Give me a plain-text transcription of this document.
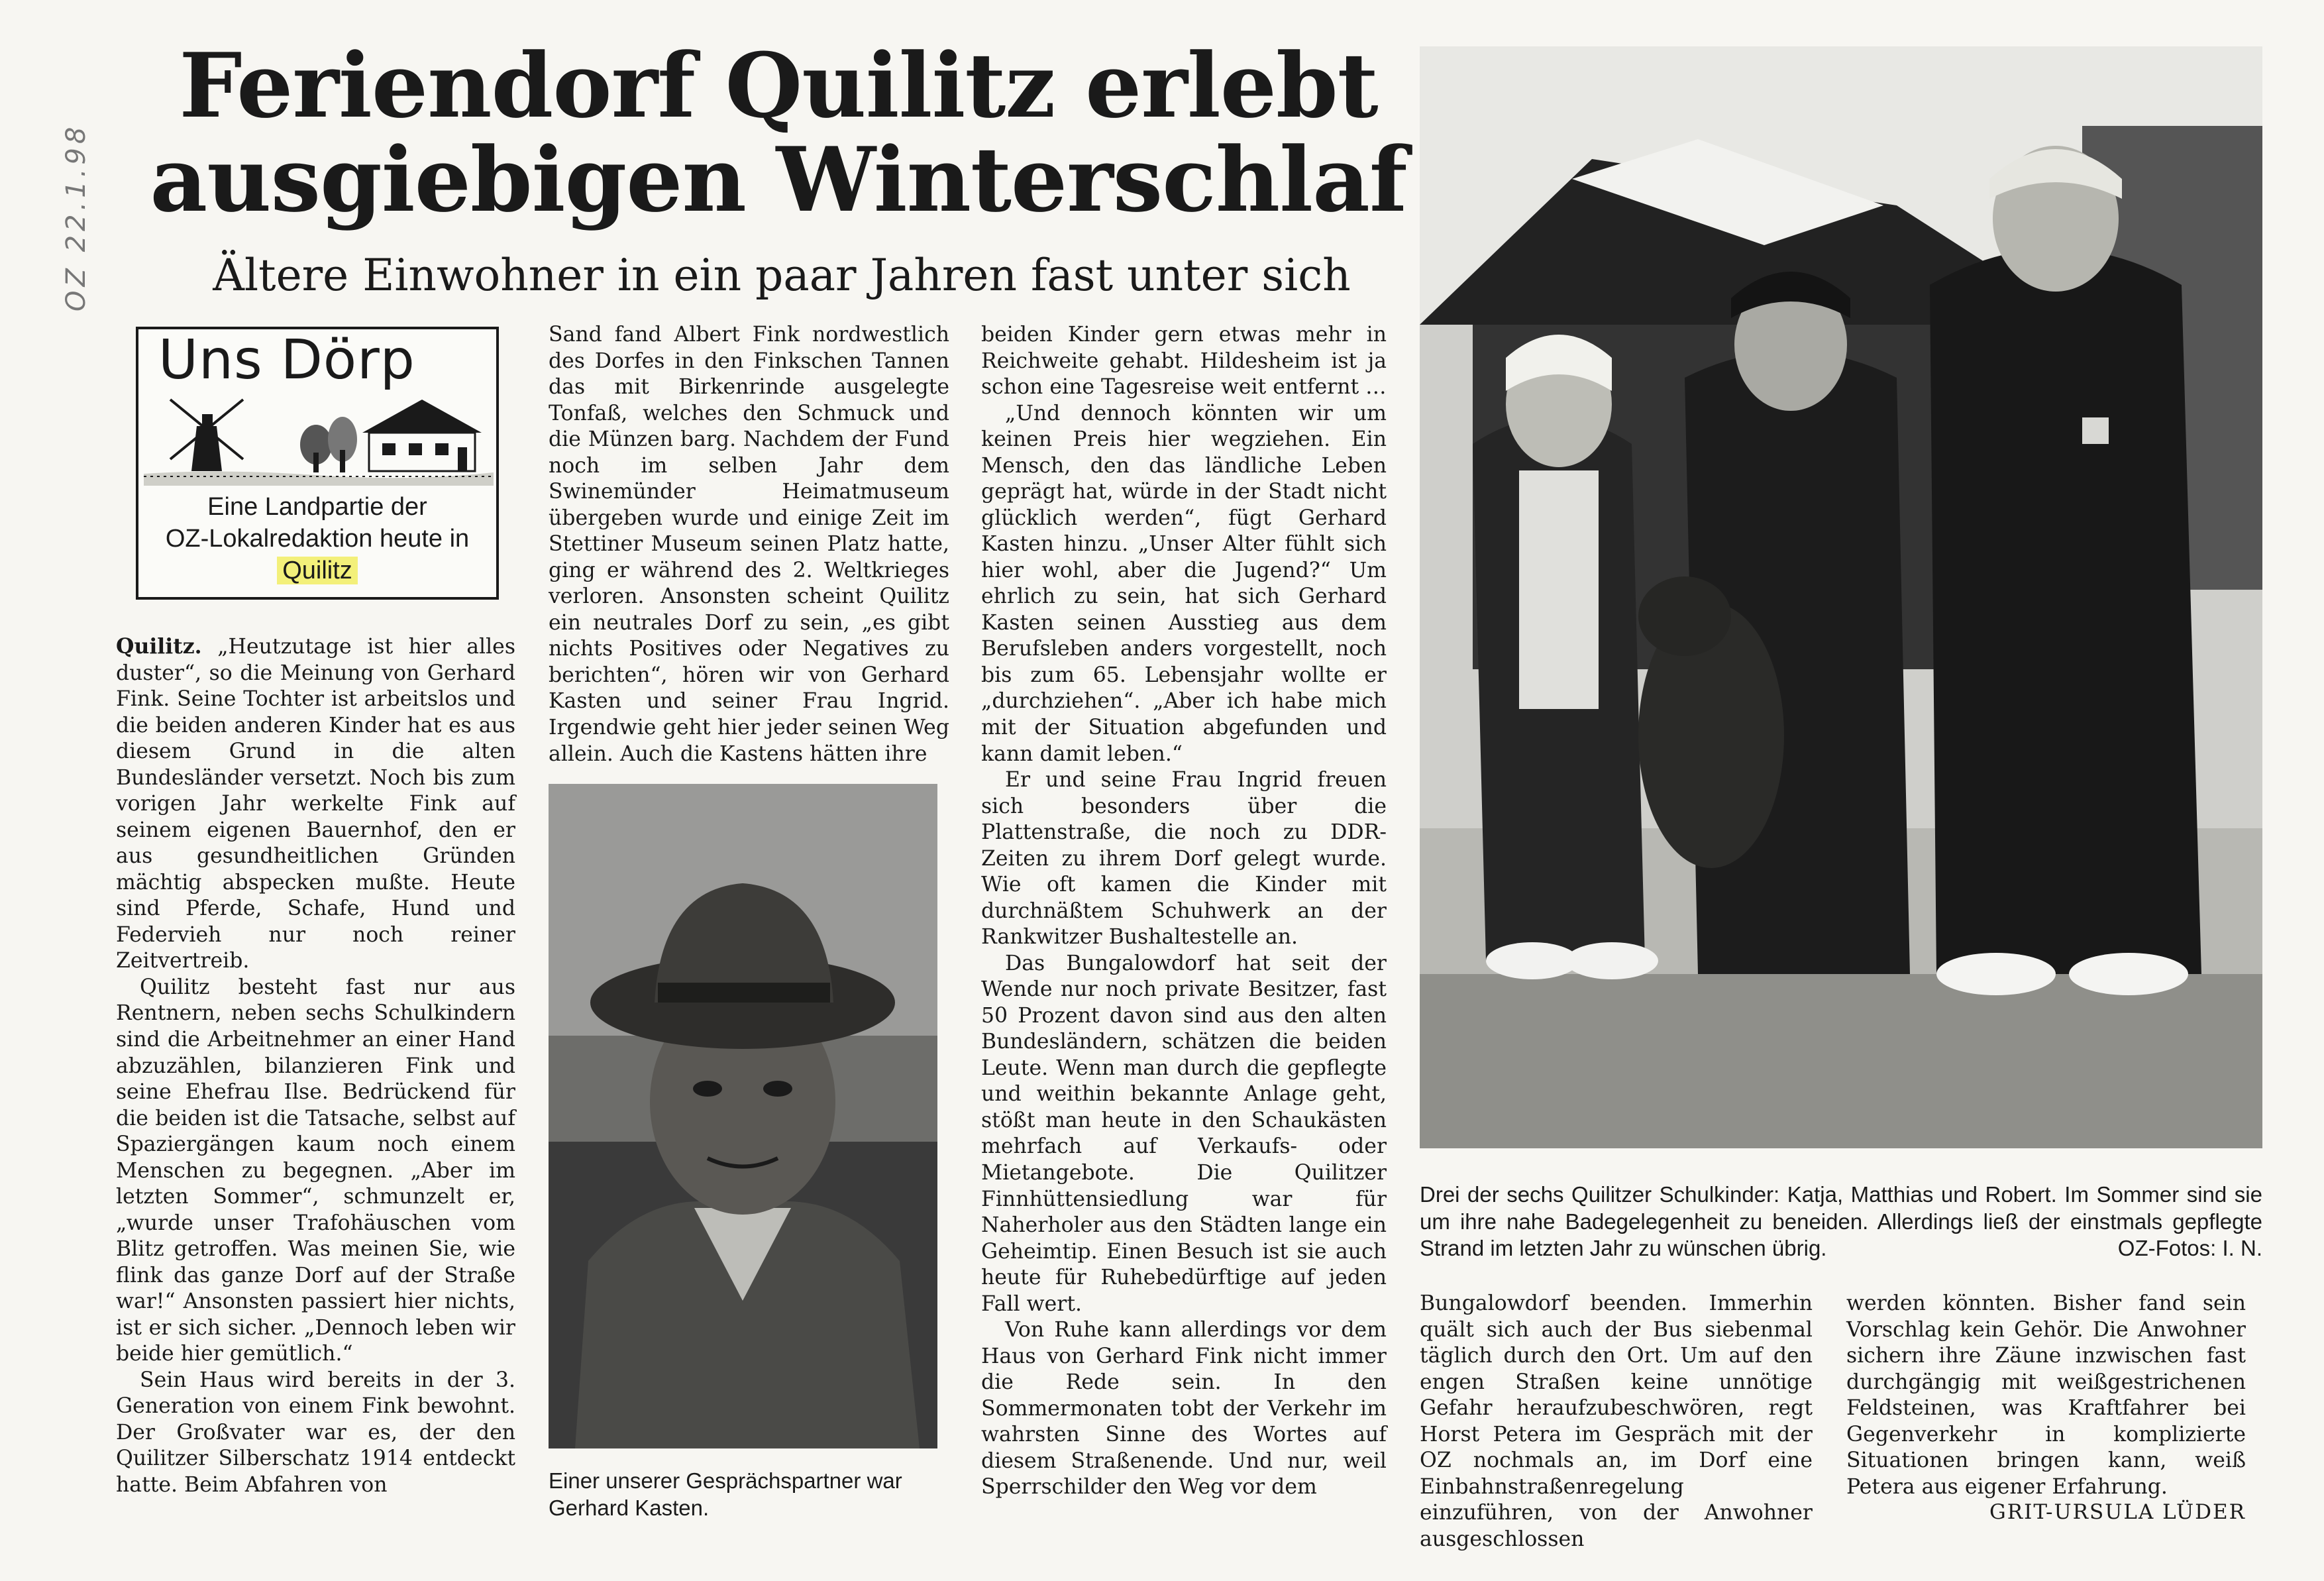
OZ 22.1.98
Feriendorf Quilitz erlebt
ausgiebigen Winterschlaf
Ältere Einwohner in ein paar Jahren fast unter sich
Uns Dörp
Eine Landpartie der
OZ-Lokalredaktion heute in
Quilitz

Quilitz. „Heutzutage ist hier alles duster“, so die Meinung von Gerhard Fink. Seine Tochter ist arbeitslos und die beiden anderen Kinder hat es aus diesem Grund in die alten Bundesländer versetzt. Noch bis zum vorigen Jahr werkelte Fink auf seinem eigenen Bauernhof, den er aus gesundheitlichen Gründen mächtig abspecken mußte. Heute sind Pferde, Schafe, Hund und Federvieh nur noch reiner Zeitvertreib.

Quilitz besteht fast nur aus Rentnern, neben sechs Schulkindern sind die Arbeitnehmer an einer Hand abzuzählen, bilanzieren Fink und seine Ehefrau Ilse. Bedrückend für die beiden ist die Tatsache, selbst auf Spaziergängen kaum noch einem Menschen zu begegnen. „Aber im letzten Sommer“, schmunzelt er, „wurde unser Trafohäuschen vom Blitz getroffen. Was meinen Sie, wie flink das ganze Dorf auf der Straße war!“ Ansonsten passiert hier nichts, ist er sich sicher. „Dennoch leben wir beide hier gemütlich.“

Sein Haus wird bereits in der 3. Generation von einem Fink bewohnt. Der Großvater war es, der den Quilitzer Silberschatz 1914 entdeckt hatte. Beim Abfahren von

Sand fand Albert Fink nordwestlich des Dorfes in den Finkschen Tannen das mit Birkenrinde ausgelegte Tonfaß, welches den Schmuck und die Münzen barg. Nachdem der Fund noch im selben Jahr dem Swinemünder Heimatmuseum übergeben wurde und einige Zeit im Stettiner Museum seinen Platz hatte, ging er während des 2. Weltkrieges verloren. Ansonsten scheint Quilitz ein neutrales Dorf zu sein, „es gibt nichts Positives oder Negatives zu berichten“, hören wir von Gerhard Kasten und seiner Frau Ingrid. Irgendwie geht hier jeder seinen Weg allein. Auch die Kastens hätten ihre

Einer unserer Gesprächspartner war
Gerhard Kasten.

beiden Kinder gern etwas mehr in Reichweite gehabt. Hildesheim ist ja schon eine Tagesreise weit entfernt …

„Und dennoch könnten wir um keinen Preis hier wegziehen. Ein Mensch, den das ländliche Leben geprägt hat, würde in der Stadt nicht glücklich werden“, fügt Gerhard Kasten hinzu. „Unser Alter fühlt sich hier wohl, aber die Jugend?“ Um ehrlich zu sein, hat sich Gerhard Kasten seinen Ausstieg aus dem Berufsleben anders vorgestellt, noch bis zum 65. Lebensjahr wollte er „durchziehen“. „Aber ich habe mich mit der Situation abgefunden und kann damit leben.“

Er und seine Frau Ingrid freuen sich besonders über die Plattenstraße, die noch zu DDR-Zeiten zu ihrem Dorf gelegt wurde. Wie oft kamen die Kinder mit durchnäßtem Schuhwerk an der Rankwitzer Bushaltestelle an.

Das Bungalowdorf hat seit der Wende nur noch private Besitzer, fast 50 Prozent davon sind aus den alten Bundesländern, schätzen die beiden Leute. Wenn man durch die gepflegte und weithin bekannte Anlage geht, stößt man heute in den Schaukästen mehrfach auf Verkaufs- oder Mietangebote. Die Quilitzer Finnhüttensiedlung war für Naherholer aus den Städten lange ein Geheimtip. Einen Besuch ist sie auch heute für Ruhebedürftige auf jeden Fall wert.

Von Ruhe kann allerdings vor dem Haus von Gerhard Fink nicht immer die Rede sein. In den Sommermonaten tobt der Verkehr im wahrsten Sinne des Wortes auf diesem Straßenende. Und nur, weil Sperrschilder den Weg vor dem

Drei der sechs Quilitzer Schulkinder: Katja, Matthias und Robert. Im Sommer sind sie um ihre nahe Badegelegenheit zu beneiden. Allerdings ließ der einstmals gepflegte Strand im letzten Jahr zu wünschen übrig.	OZ-Fotos: I. N.

Bungalowdorf beenden. Immerhin quält sich auch der Bus siebenmal täglich durch den Ort. Um auf den engen Straßen keine unnötige Gefahr heraufzubeschwören, regt Horst Petera im Gespräch mit der OZ nochmals an, im Dorf eine Einbahnstraßenregelung einzuführen, von der Anwohner ausgeschlossen

werden könnten. Bisher fand sein Vorschlag kein Gehör. Die Anwohner sichern ihre Zäune inzwischen fast durchgängig mit weißgestrichenen Feldsteinen, was Kraftfahrer bei Gegenverkehr in komplizierte Situationen bringen kann, weiß Petera aus eigener Erfahrung.

GRIT-URSULA LÜDER
